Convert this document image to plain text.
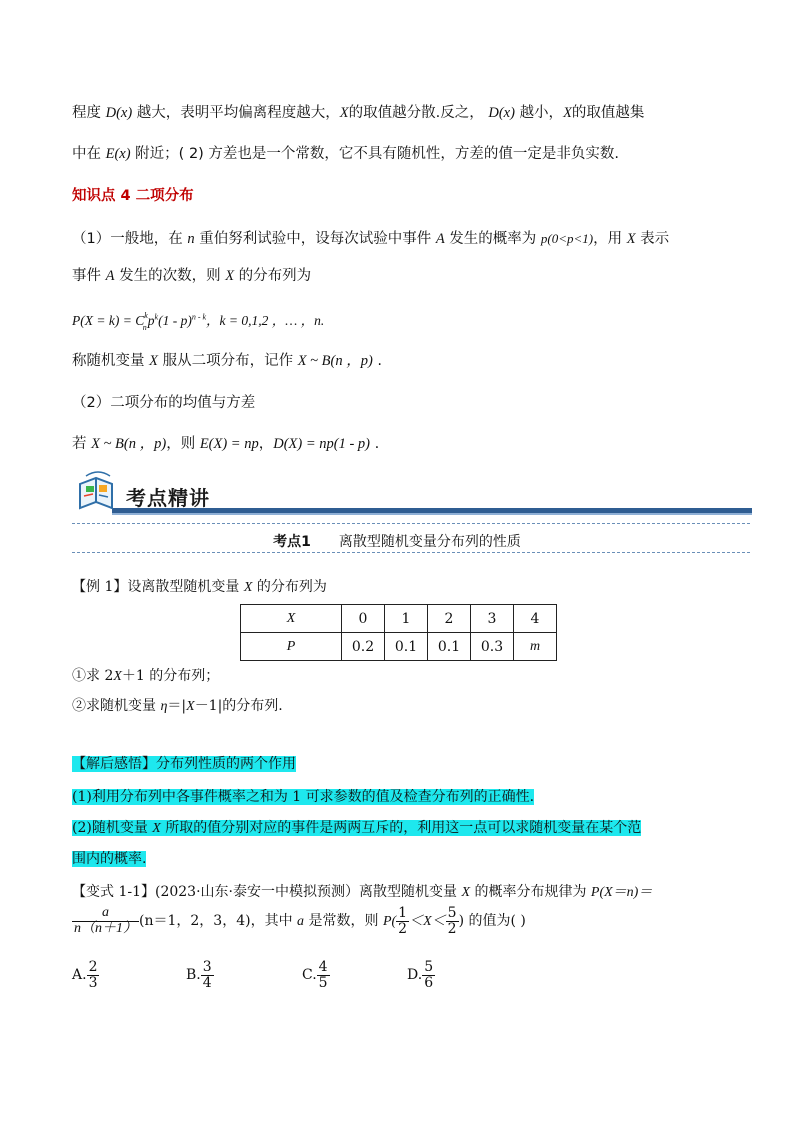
程度 D(x) 越大，表明平均偏离程度越大，X的取值越分散.反之， D(x) 越小，X的取值越集
中在 E(x) 附近；( 2) 方差也是一个常数，它不具有随机性，方差的值一定是非负实数.
知识点 4 二项分布
（1）一般地，在 n 重伯努利试验中，设每次试验中事件 A 发生的概率为 p(0<p<1)，用 X 表示
事件 A 发生的次数，则 X 的分布列为
$P(X = k) = C^knp^k(1 - p)^{n - k}$，k = 0,1,2 ，… ，n.
称随机变量 X 服从二项分布，记作 X ~ B(n ，p) .
（2）二项分布的均值与方差
若 X ~ B(n ，p)，则 E(X) = np，D(X) = np(1 - p) .
考点精讲
考点1 离散型随机变量分布列的性质
【例 1】设离散型随机变量 X 的分布列为
X	0	1	2	3	4
P	0.2	0.1	0.1	0.3	m
①求 2X＋1 的分布列；
②求随机变量 η＝|X－1|的分布列.
【解后感悟】分布列性质的两个作用
(1)利用分布列中各事件概率之和为 1 可求参数的值及检查分布列的正确性.
(2)随机变量 X 所取的值分别对应的事件是两两互斥的，利用这一点可以求随机变量在某个范
围内的概率.
【变式 1-1】(2023·山东·泰安一中模拟预测）离散型随机变量 X 的概率分布规律为 P(X＝n)＝
$\frac{a}{n(n+1)} (n=1$，2，3，4)，其中 a 是常数，则 $P( \frac{1}{2} <X< \frac{5}{2}$ ) 的值为( )
A. $\frac{2}{3}$	B. $\frac{3}{4}$	C. $\frac{4}{5}$	D. $\frac{5}{6}$
